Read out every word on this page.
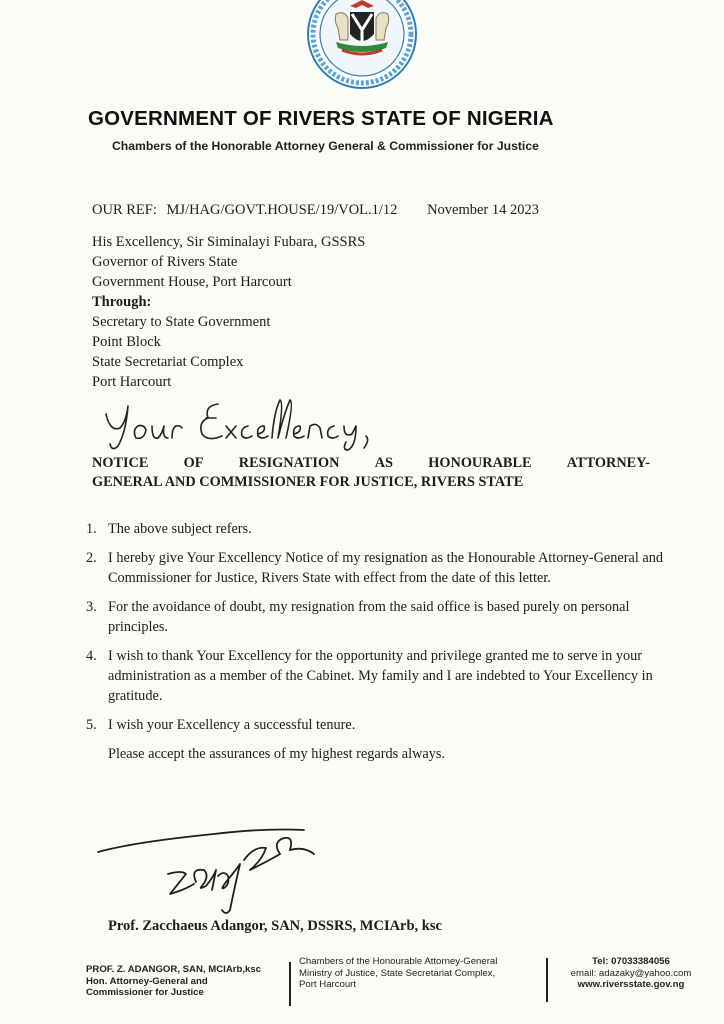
GOVERNMENT OF RIVERS STATE OF NIGERIA
Chambers of the Honorable Attorney General & Commissioner for Justice
OUR REF: MJ/HAG/GOVT.HOUSE/19/VOL.1/12 November 14 2023
His Excellency, Sir Siminalayi Fubara, GSSRS
Governor of Rivers State
Government House, Port Harcourt
Through:
Secretary to State Government
Point Block
State Secretariat Complex
Port Harcourt
NOTICE OF RESIGNATION AS HONOURABLE ATTORNEY-
GENERAL AND COMMISSIONER FOR JUSTICE, RIVERS STATE
1. The above subject refers.
2. I hereby give Your Excellency Notice of my resignation as the Honourable Attorney-General and Commissioner for Justice, Rivers State with effect from the date of this letter.
3. For the avoidance of doubt, my resignation from the said office is based purely on personal principles.
4. I wish to thank Your Excellency for the opportunity and privilege granted me to serve in your administration as a member of the Cabinet. My family and I are indebted to Your Excellency in gratitude.
5. I wish your Excellency a successful tenure.
Please accept the assurances of my highest regards always.
Prof. Zacchaeus Adangor, SAN, DSSRS, MCIArb, ksc
PROF. Z. ADANGOR, SAN, MCIArb,ksc
Hon. Attorney-General and
Commissioner for Justice
Chambers of the Honourable Attorney-General
Ministry of Justice, State Secretariat Complex,
Port Harcourt
Tel: 07033384056
email: adazaky@yahoo.com
www.riversstate.gov.ng
